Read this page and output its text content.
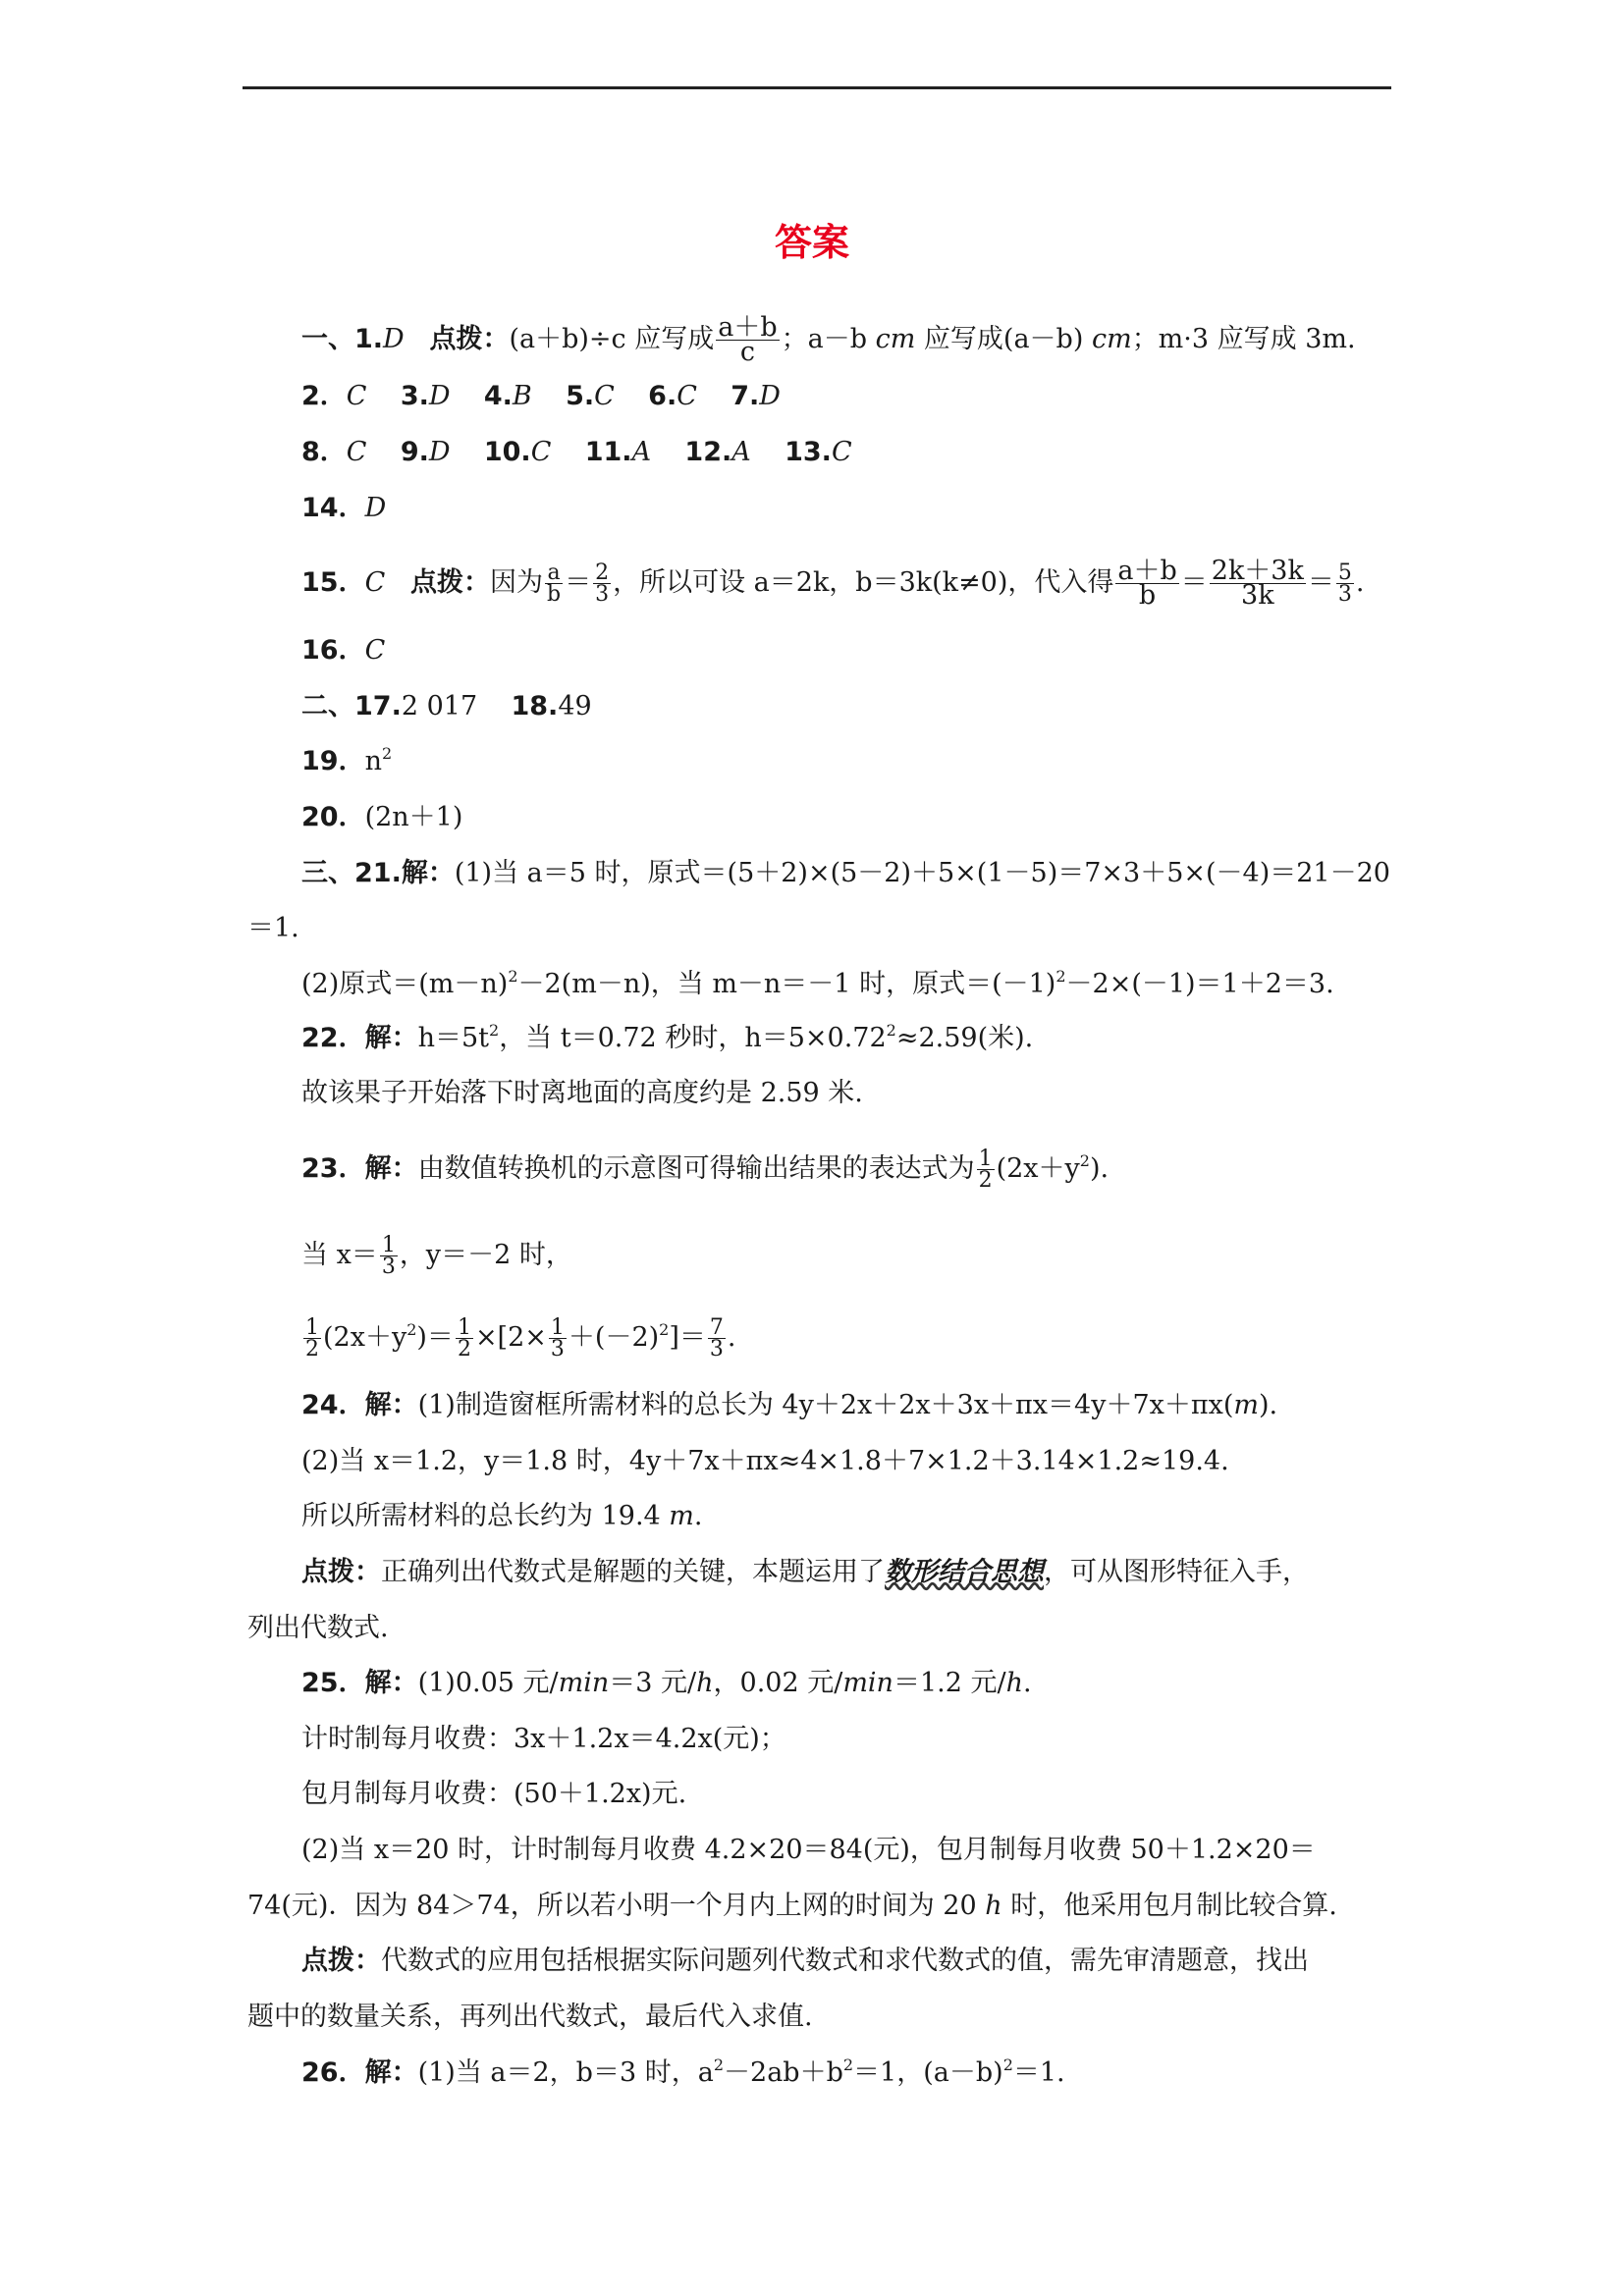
答案
一、1.D 点拨：(a＋b)÷c 应写成 $\frac{a+b}{c}$ ；a－b cm 应写成(a－b) cm；m·3 应写成 3m.
2．C 3.D 4.B 5.C 6.C 7.D
8．C 9.D 10.C 11.A 12.A 13.C
14．D
15．C 点拨：因为 $\frac{a}{b} = \frac{2}{3}$ ，所以可设 a＝2k，b＝3k(k≠0)，代入得 $\frac{a+b}{b} = \frac{2k+3k}{3k} = \frac{5}{3}$ .
16．C
二、17.2 017 18.49
19．$n^2$
20．(2n＋1)
三、21.解：(1)当 a＝5 时，原式＝(5＋2)×(5－2)＋5×(1－5)＝7×3＋5×(－4)＝21－20
＝1.
(2)原式$=(m-n)^2-2(m-n)$，当 m－n＝－1 时，原式$=(-1)^2-2\times(-1)=1+2=3$.
22．解：$h=5t^2$，当 t＝0.72 秒时，$h=5\times 0.72^2\approx 2.59$(米).
故该果子开始落下时离地面的高度约是 2.59 米.
23．解：由数值转换机的示意图可得输出结果的表达式为 $\frac{1}{2} (2x+y^2)$.
当 $x= \frac{1}{3}$ ，y＝－2 时，
$\frac{1}{2} (2x+y^2)= \frac{1}{2} \times[2\times \frac{1}{3} +(-2)^2]= \frac{7}{3}$ .
24．解：(1)制造窗框所需材料的总长为 4y＋2x＋2x＋3x＋πx＝4y＋7x＋πx(m).
(2)当 x＝1.2，y＝1.8 时，4y＋7x＋πx≈4×1.8＋7×1.2＋3.14×1.2≈19.4.
所以所需材料的总长约为 19.4 m.
点拨：正确列出代数式是解题的关键，本题运用了数形结合思想，可从图形特征入手，
列出代数式.
25．解：(1)0.05 元/min＝3 元/h，0.02 元/min＝1.2 元/h.
计时制每月收费：3x＋1.2x＝4.2x(元)；
包月制每月收费：(50＋1.2x)元.
(2)当 x＝20 时，计时制每月收费 4.2×20＝84(元)，包月制每月收费 50＋1.2×20＝
74(元)．因为 84＞74，所以若小明一个月内上网的时间为 20 h 时，他采用包月制比较合算.
点拨：代数式的应用包括根据实际问题列代数式和求代数式的值，需先审清题意，找出
题中的数量关系，再列出代数式，最后代入求值.
26．解：(1)当 a＝2，b＝3 时，$a^2-2ab+b^2=1$，$(a-b)^2=1$.
